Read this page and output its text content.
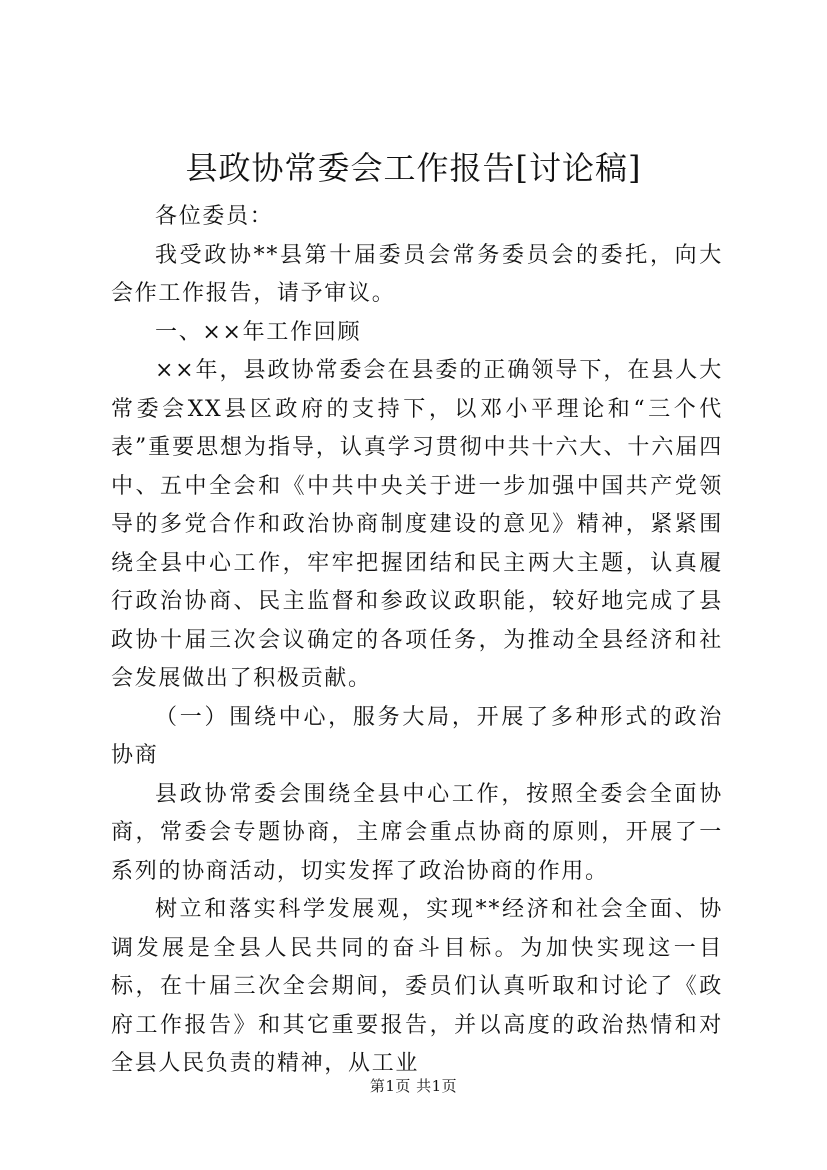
县政协常委会工作报告[讨论稿]

各位委员：

我受政协**县第十届委员会常务委员会的委托，向大会作工作报告，请予审议。

一、××年工作回顾

××年，县政协常委会在县委的正确领导下，在县人大常委会XX县区政府的支持下，以邓小平理论和“三个代表”重要思想为指导，认真学习贯彻中共十六大、十六届四中、五中全会和《中共中央关于进一步加强中国共产党领导的多党合作和政治协商制度建设的意见》精神，紧紧围绕全县中心工作，牢牢把握团结和民主两大主题，认真履行政治协商、民主监督和参政议政职能，较好地完成了县政协十届三次会议确定的各项任务，为推动全县经济和社会发展做出了积极贡献。

（一）围绕中心，服务大局，开展了多种形式的政治协商

县政协常委会围绕全县中心工作，按照全委会全面协商，常委会专题协商，主席会重点协商的原则，开展了一系列的协商活动，切实发挥了政治协商的作用。

树立和落实科学发展观，实现**经济和社会全面、协调发展是全县人民共同的奋斗目标。为加快实现这一目标，在十届三次全会期间，委员们认真听取和讨论了《政府工作报告》和其它重要报告，并以高度的政治热情和对全县人民负责的精神，从工业

第1页 共1页
